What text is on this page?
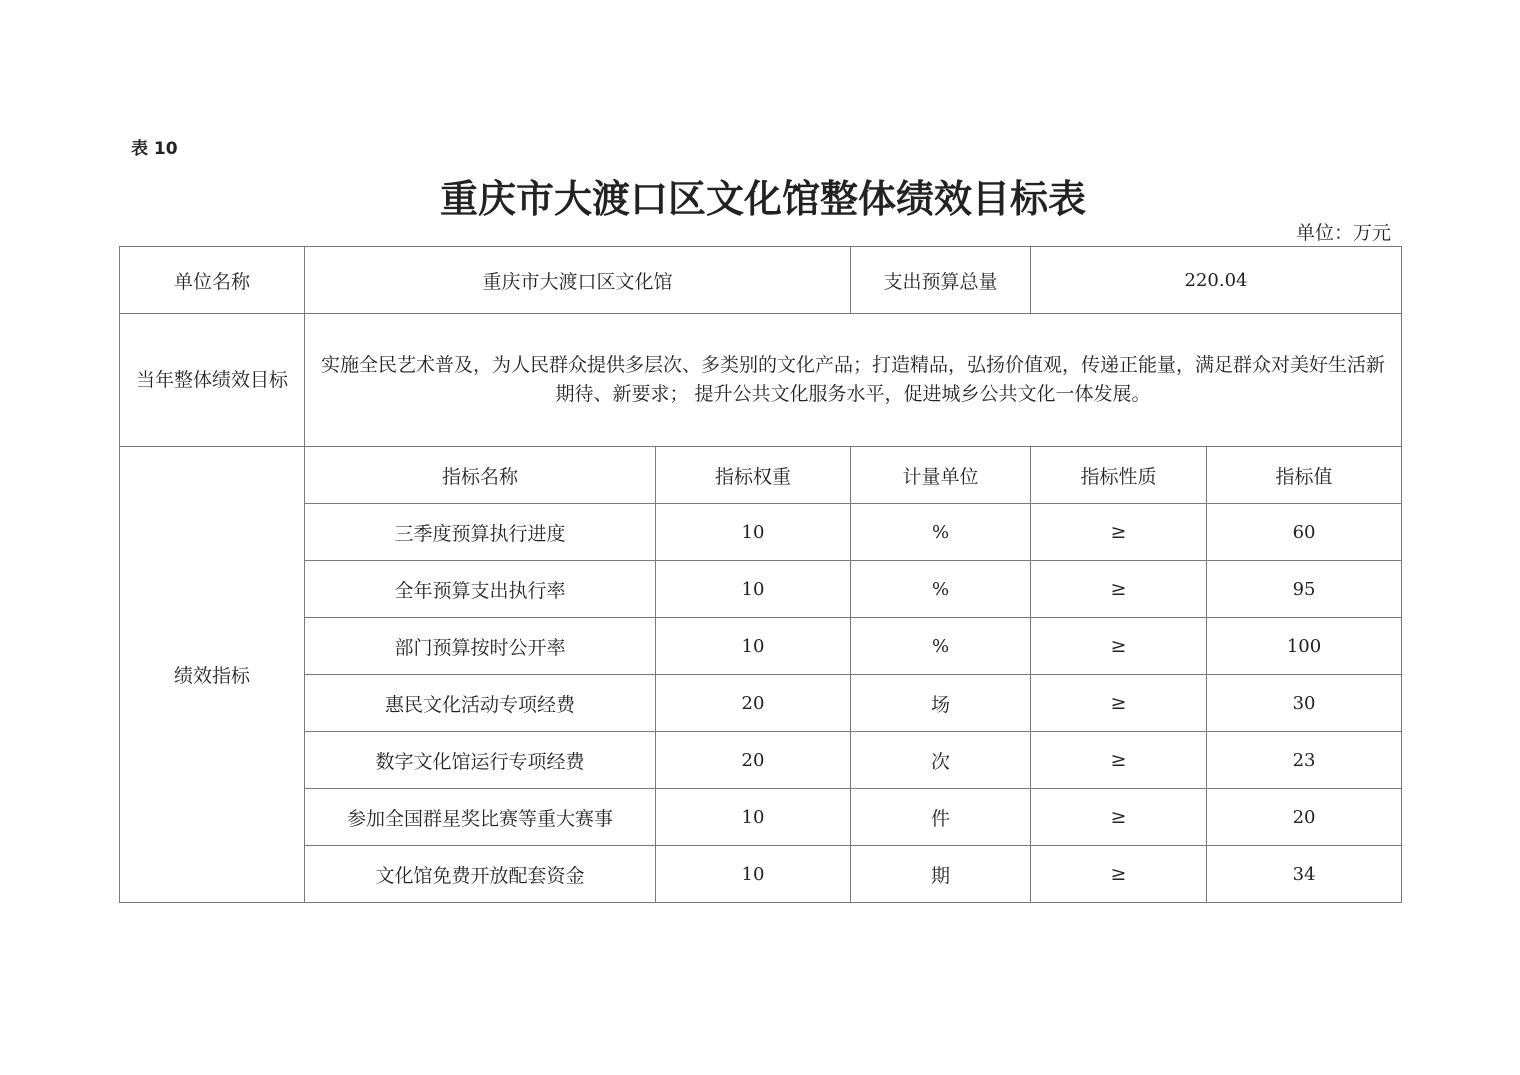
表 10
重庆市大渡口区文化馆整体绩效目标表
单位：万元
单位名称	重庆市大渡口区文化馆		支出预算总量	220.04	
当年整体绩效目标	实施全民艺术普及，为人民群众提供多层次、多类别的文化产品；打造精品，弘扬价值观，传递正能量，满足群众对美好生活新期待、新要求； 提升公共文化服务水平，促进城乡公共文化一体发展。				
绩效指标	指标名称	指标权重	计量单位	指标性质	指标值
	三季度预算执行进度	10	%	≥	60
	全年预算支出执行率	10	%	≥	95
	部门预算按时公开率	10	%	≥	100
	惠民文化活动专项经费	20	场	≥	30
	数字文化馆运行专项经费	20	次	≥	23
	参加全国群星奖比赛等重大赛事	10	件	≥	20
	文化馆免费开放配套资金	10	期	≥	34
